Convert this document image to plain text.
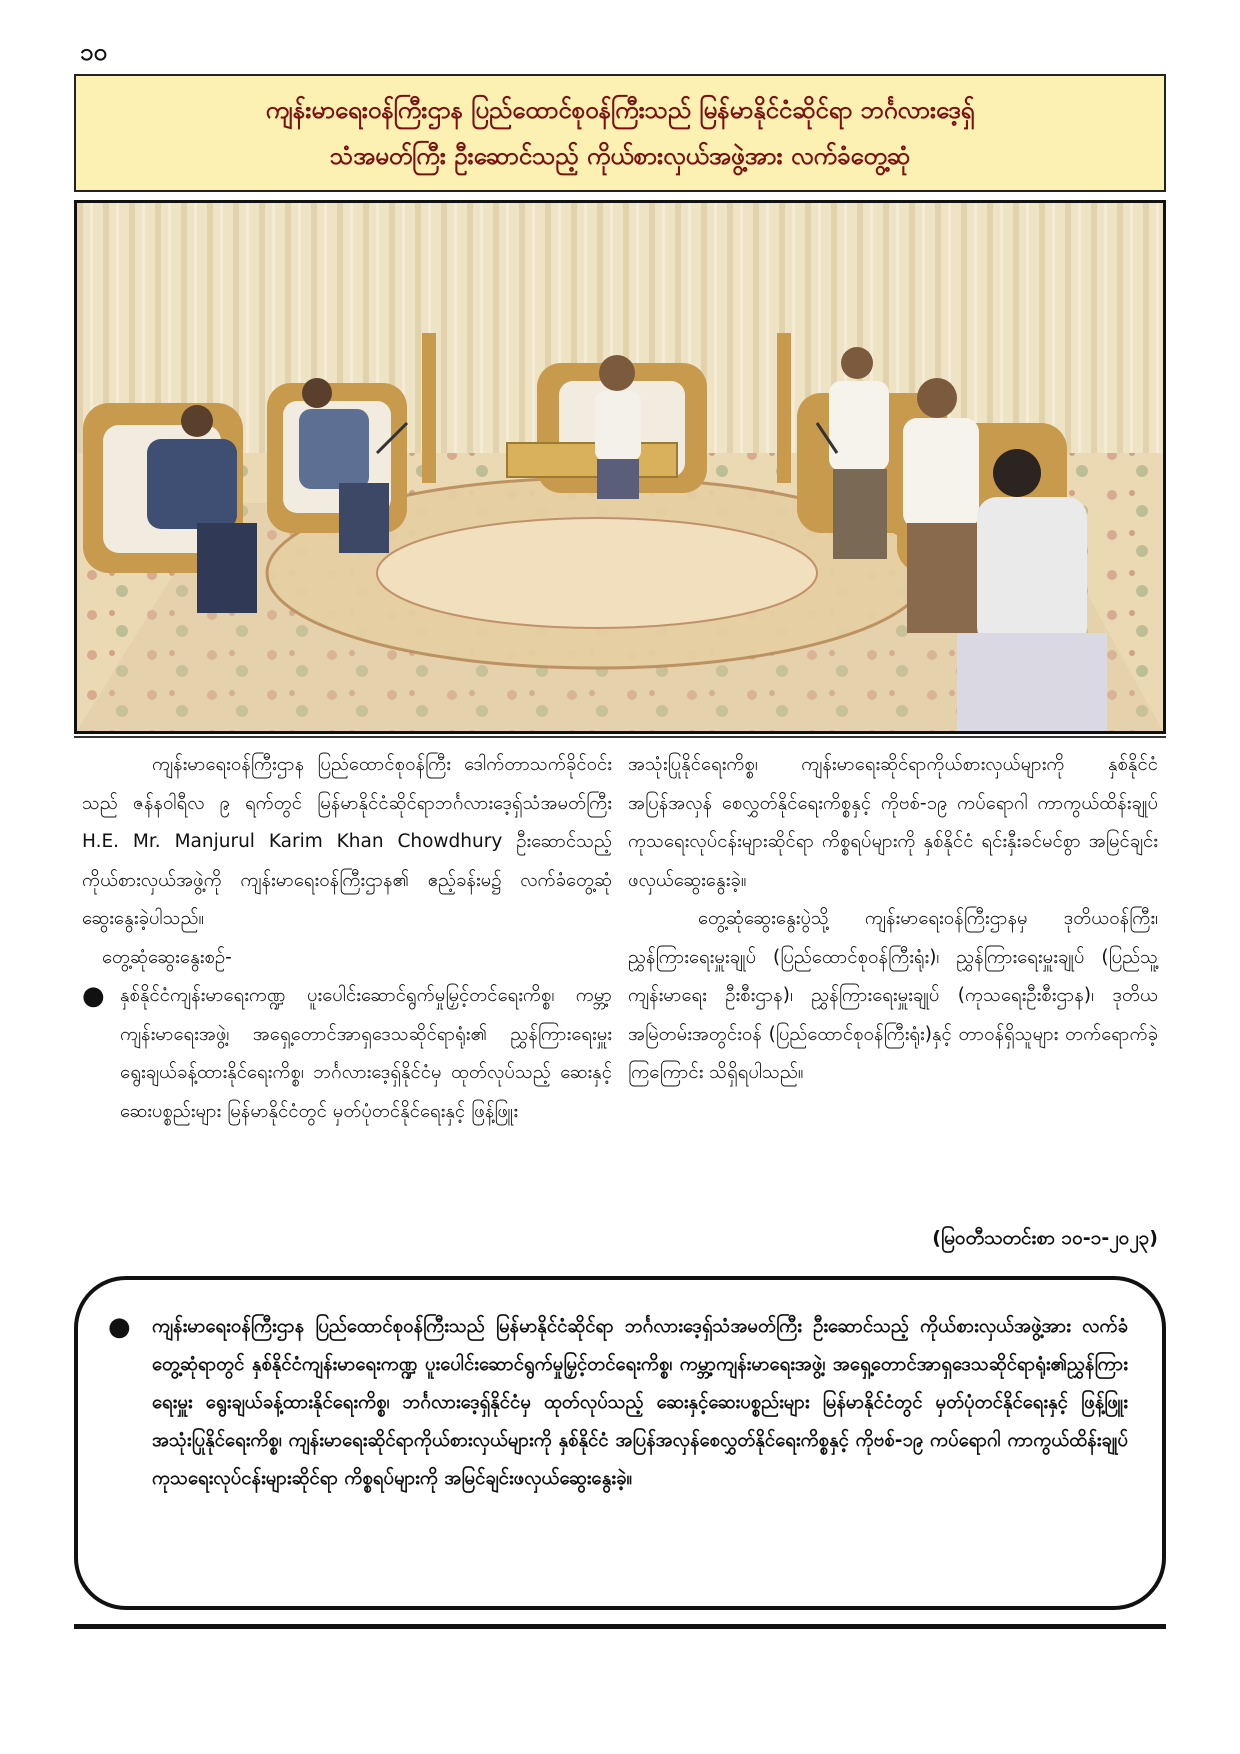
၁၀
ကျန်းမာရေးဝန်ကြီးဌာန ပြည်ထောင်စုဝန်ကြီးသည် မြန်မာနိုင်ငံဆိုင်ရာ ဘင်္ဂလားဒေ့ရှ်
သံအမတ်ကြီး ဦးဆောင်သည့် ကိုယ်စားလှယ်အဖွဲ့အား လက်ခံတွေ့ဆုံ

ကျန်းမာရေးဝန်ကြီးဌာန ပြည်ထောင်စုဝန်ကြီး ဒေါက်တာသက်ခိုင်ဝင်းသည် ဇန်နဝါရီလ ၉ ရက်တွင် မြန်မာနိုင်ငံဆိုင်ရာဘင်္ဂလားဒေ့ရှ်သံအမတ်ကြီး H.E. Mr. Manjurul Karim Khan Chowdhury ဦးဆောင်သည့် ကိုယ်စားလှယ်အဖွဲ့ကို ကျန်းမာရေးဝန်ကြီးဌာန၏ ဧည့်ခန်းမ၌ လက်ခံတွေ့ဆုံဆွေးနွေးခဲ့ပါသည်။

တွေ့ဆုံဆွေးနွေးစဉ်-

● နှစ်နိုင်ငံကျန်းမာရေးကဏ္ဍ ပူးပေါင်းဆောင်ရွက်မှုမြှင့်တင်ရေးကိစ္စ၊ ကမ္ဘာ့ကျန်းမာရေးအဖွဲ့၊ အရှေ့တောင်အာရှဒေသဆိုင်ရာရုံး၏ ညွှန်ကြားရေးမှူး ရွေးချယ်ခန့်ထားနိုင်ရေးကိစ္စ၊ ဘင်္ဂလားဒေ့ရှ်နိုင်ငံမှ ထုတ်လုပ်သည့် ဆေးနှင့်ဆေးပစ္စည်းများ မြန်မာနိုင်ငံတွင် မှတ်ပုံတင်နိုင်ရေးနှင့် ဖြန့်ဖြူး

အသုံးပြုနိုင်ရေးကိစ္စ၊ ကျန်းမာရေးဆိုင်ရာကိုယ်စားလှယ်များကို နှစ်နိုင်ငံ အပြန်အလှန် စေလွှတ်နိုင်ရေးကိစ္စနှင့် ကိုဗစ်-၁၉ ကပ်ရောဂါ ကာကွယ်ထိန်းချုပ်ကုသရေးလုပ်ငန်းများဆိုင်ရာ ကိစ္စရပ်များကို နှစ်နိုင်ငံ ရင်းနှီးခင်မင်စွာ အမြင်ချင်းဖလှယ်ဆွေးနွေးခဲ့။

တွေ့ဆုံဆွေးနွေးပွဲသို့ ကျန်းမာရေးဝန်ကြီးဌာနမှ ဒုတိယဝန်ကြီး၊ ညွှန်ကြားရေးမှူးချုပ် (ပြည်ထောင်စုဝန်ကြီးရုံး)၊ ညွှန်ကြားရေးမှူးချုပ် (ပြည်သူ့ကျန်းမာရေး ဦးစီးဌာန)၊ ညွှန်ကြားရေးမှူးချုပ် (ကုသရေးဦးစီးဌာန)၊ ဒုတိယအမြဲတမ်းအတွင်းဝန် (ပြည်ထောင်စုဝန်ကြီးရုံး)နှင့် တာဝန်ရှိသူများ တက်ရောက်ခဲ့ကြကြောင်း သိရှိရပါသည်။

(မြဝတီသတင်းစာ ၁၀-၁-၂၀၂၃)
●	ကျန်းမာရေးဝန်ကြီးဌာန ပြည်ထောင်စုဝန်ကြီးသည် မြန်မာနိုင်ငံဆိုင်ရာ ဘင်္ဂလားဒေ့ရှ်သံအမတ်ကြီး ဦးဆောင်သည့် ကိုယ်စားလှယ်အဖွဲ့အား လက်ခံတွေ့ဆုံရာတွင် နှစ်နိုင်ငံကျန်းမာရေးကဏ္ဍ ပူးပေါင်းဆောင်ရွက်မှုမြှင့်တင်ရေးကိစ္စ၊ ကမ္ဘာ့ကျန်းမာရေးအဖွဲ့၊ အရှေ့တောင်အာရှဒေသဆိုင်ရာရုံး၏ညွှန်ကြားရေးမှူး ရွေးချယ်ခန့်ထားနိုင်ရေးကိစ္စ၊ ဘင်္ဂလားဒေ့ရှ်နိုင်ငံမှ ထုတ်လုပ်သည့် ဆေးနှင့်ဆေးပစ္စည်းများ မြန်မာနိုင်ငံတွင် မှတ်ပုံတင်နိုင်ရေးနှင့် ဖြန့်ဖြူးအသုံးပြုနိုင်ရေးကိစ္စ၊ ကျန်းမာရေးဆိုင်ရာကိုယ်စားလှယ်များကို နှစ်နိုင်ငံ အပြန်အလှန်စေလွှတ်နိုင်ရေးကိစ္စနှင့် ကိုဗစ်-၁၉ ကပ်ရောဂါ ကာကွယ်ထိန်းချုပ်ကုသရေးလုပ်ငန်းများဆိုင်ရာ ကိစ္စရပ်များကို အမြင်ချင်းဖလှယ်ဆွေးနွေးခဲ့။
